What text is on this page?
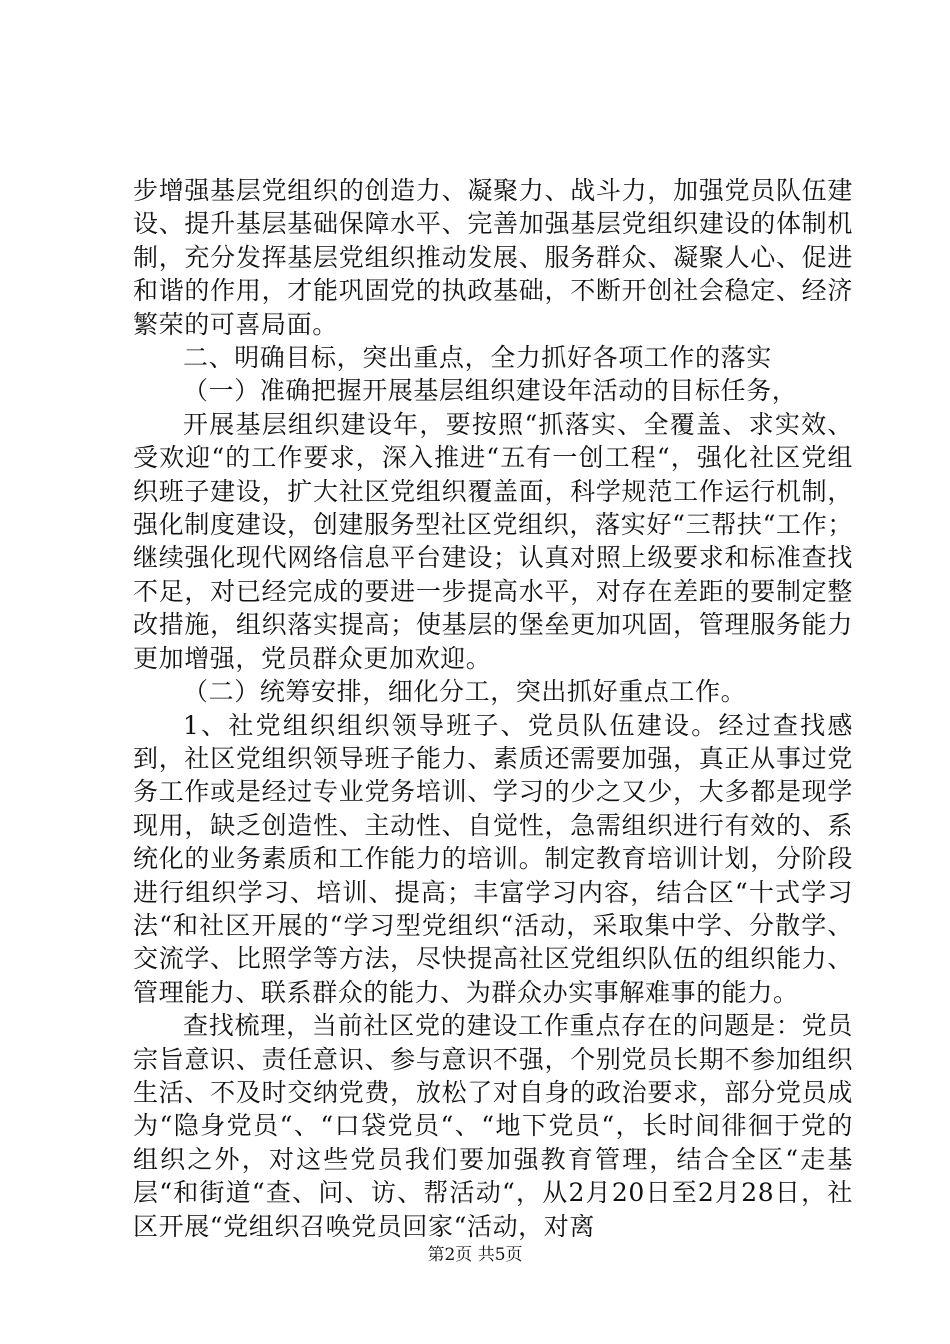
步增强基层党组织的创造力、凝聚力、战斗力，加强党员队伍建设、提升基层基础保障水平、完善加强基层党组织建设的体制机制，充分发挥基层党组织推动发展、服务群众、凝聚人心、促进和谐的作用，才能巩固党的执政基础，不断开创社会稳定、经济繁荣的可喜局面。

二、明确目标，突出重点，全力抓好各项工作的落实

（一）准确把握开展基层组织建设年活动的目标任务，

开展基层组织建设年，要按照“抓落实、全覆盖、求实效、受欢迎“的工作要求，深入推进“五有一创工程“，强化社区党组织班子建设，扩大社区党组织覆盖面，科学规范工作运行机制，强化制度建设，创建服务型社区党组织，落实好“三帮扶“工作；继续强化现代网络信息平台建设；认真对照上级要求和标准查找不足，对已经完成的要进一步提高水平，对存在差距的要制定整改措施，组织落实提高；使基层的堡垒更加巩固，管理服务能力更加增强，党员群众更加欢迎。

（二）统筹安排，细化分工，突出抓好重点工作。

1、社党组织组织领导班子、党员队伍建设。经过查找感到，社区党组织领导班子能力、素质还需要加强，真正从事过党务工作或是经过专业党务培训、学习的少之又少，大多都是现学现用，缺乏创造性、主动性、自觉性，急需组织进行有效的、系统化的业务素质和工作能力的培训。制定教育培训计划，分阶段进行组织学习、培训、提高；丰富学习内容，结合区“十式学习法“和社区开展的“学习型党组织“活动，采取集中学、分散学、交流学、比照学等方法，尽快提高社区党组织队伍的组织能力、管理能力、联系群众的能力、为群众办实事解难事的能力。

查找梳理，当前社区党的建设工作重点存在的问题是：党员宗旨意识、责任意识、参与意识不强，个别党员长期不参加组织生活、不及时交纳党费，放松了对自身的政治要求，部分党员成为“隐身党员“、“口袋党员“、“地下党员“，长时间徘徊于党的组织之外，对这些党员我们要加强教育管理，结合全区“走基层“和街道“查、问、访、帮活动“，从2月20日至2月28日，社区开展“党组织召唤党员回家“活动，对离

第2页 共5页
